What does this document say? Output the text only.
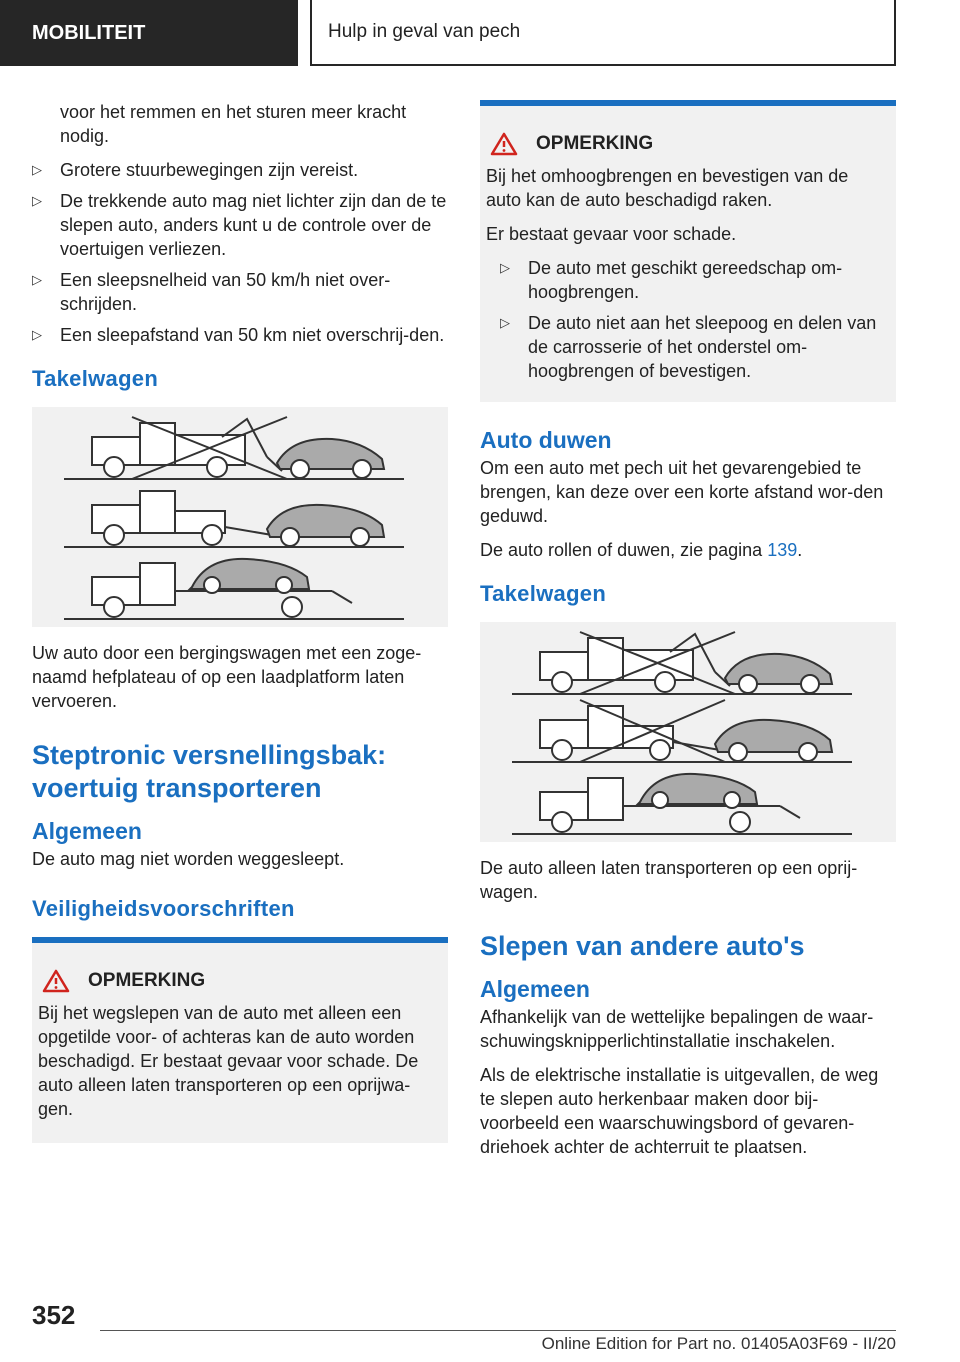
MOBILITEIT	Hulp in geval van pech

voor het remmen en het sturen meer kracht nodig.

▷ Grotere stuurbewegingen zijn vereist.
▷ De trekkende auto mag niet lichter zijn dan de te slepen auto, anders kunt u de controle over de voertuigen verliezen.
▷ Een sleepsnelheid van 50 km/h niet over-schrijden.
▷ Een sleepafstand van 50 km niet overschrij-den.
Takelwagen

Uw auto door een bergingswagen met een zoge-naamd hefplateau of op een laadplatform laten vervoeren.

Steptronic versnellingsbak: voertuig transporteren
Algemeen

De auto mag niet worden weggesleept.

Veiligheidsvoorschriften
OPMERKING

Bij het wegslepen van de auto met alleen een opgetilde voor- of achteras kan de auto worden beschadigd. Er bestaat gevaar voor schade. De auto alleen laten transporteren op een oprijwa-gen.

OPMERKING

Bij het omhoogbrengen en bevestigen van de auto kan de auto beschadigd raken.

Er bestaat gevaar voor schade.

▷ De auto met geschikt gereedschap om-hoogbrengen.
▷ De auto niet aan het sleepoog en delen van de carrosserie of het onderstel om-hoogbrengen of bevestigen.
Auto duwen

Om een auto met pech uit het gevarengebied te brengen, kan deze over een korte afstand wor-den geduwd.

De auto rollen of duwen, zie pagina 139.

Takelwagen

De auto alleen laten transporteren op een oprij-wagen.

Slepen van andere auto's
Algemeen

Afhankelijk van de wettelijke bepalingen de waar-schuwingsknipperlichtinstallatie inschakelen.

Als de elektrische installatie is uitgevallen, de weg te slepen auto herkenbaar maken door bij-voorbeeld een waarschuwingsbord of gevaren-driehoek achter de achterruit te plaatsen.

352
Online Edition for Part no. 01405A03F69 - II/20
